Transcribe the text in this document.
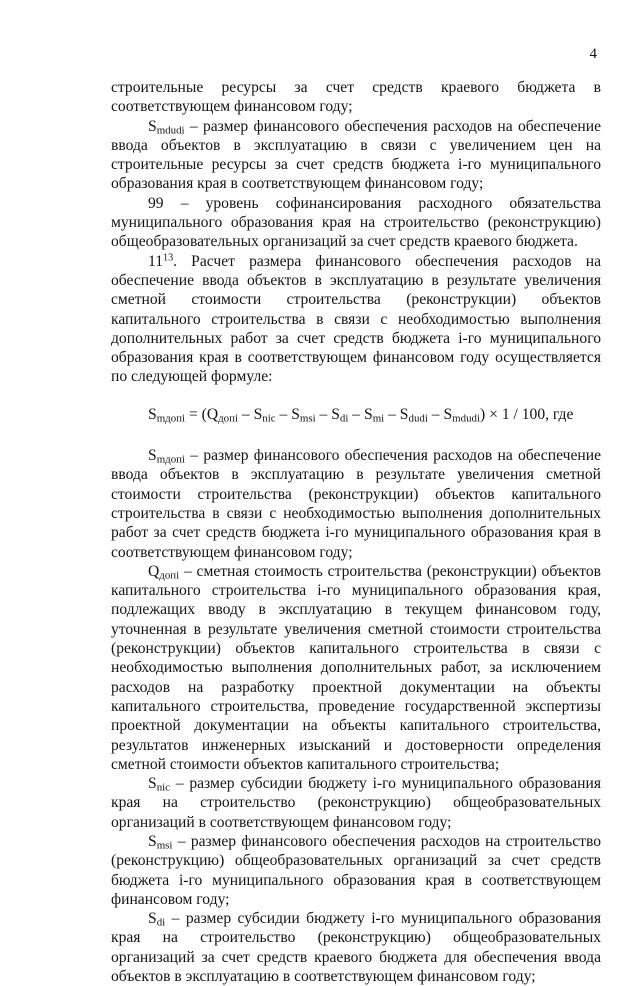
4

строительные ресурсы за счет средств краевого бюджета в соответствующем финансовом году;

$S_{mdudi}$ – размер финансового обеспечения расходов на обеспечение ввода объектов в эксплуатацию в связи с увеличением цен на строительные ресурсы за счет средств бюджета i-го муниципального образования края в соответствующем финансовом году;

99 – уровень софинансирования расходного обязательства муниципального образования края на строительство (реконструкцию) общеобразовательных организаций за счет средств краевого бюджета.

$11^{13}$. Расчет размера финансового обеспечения расходов на обеспечение ввода объектов в эксплуатацию в результате увеличения сметной стоимости строительства (реконструкции) объектов капитального строительства в связи с необходимостью выполнения дополнительных работ за счет средств бюджета i-го муниципального образования края в соответствующем финансовом году осуществляется по следующей формуле:

$S_{mдопi} = (Q_{допi} - S_{nic} - S_{msi} - S_{di} - S_{mi} - S_{dudi} - S_{mdudi}) \times 1 / 100$, где

$S_{mдопi}$ – размер финансового обеспечения расходов на обеспечение ввода объектов в эксплуатацию в результате увеличения сметной стоимости строительства (реконструкции) объектов капитального строительства в связи с необходимостью выполнения дополнительных работ за счет средств бюджета i-го муниципального образования края в соответствующем финансовом году;

$Q_{допi}$ – сметная стоимость строительства (реконструкции) объектов капитального строительства i-го муниципального образования края, подлежащих вводу в эксплуатацию в текущем финансовом году, уточненная в результате увеличения сметной стоимости строительства (реконструкции) объектов капитального строительства в связи с необходимостью выполнения дополнительных работ, за исключением расходов на разработку проектной документации на объекты капитального строительства, проведение государственной экспертизы проектной документации на объекты капитального строительства, результатов инженерных изысканий и достоверности определения сметной стоимости объектов капитального строительства;

$S_{nic}$ – размер субсидии бюджету i-го муниципального образования края на строительство (реконструкцию) общеобразовательных организаций в соответствующем финансовом году;

$S_{msi}$ – размер финансового обеспечения расходов на строительство (реконструкцию) общеобразовательных организаций за счет средств бюджета i-го муниципального образования края в соответствующем финансовом году;

$S_{di}$ – размер субсидии бюджету i-го муниципального образования края на строительство (реконструкцию) общеобразовательных организаций за счет средств краевого бюджета для обеспечения ввода объектов в эксплуатацию в соответствующем финансовом году;
